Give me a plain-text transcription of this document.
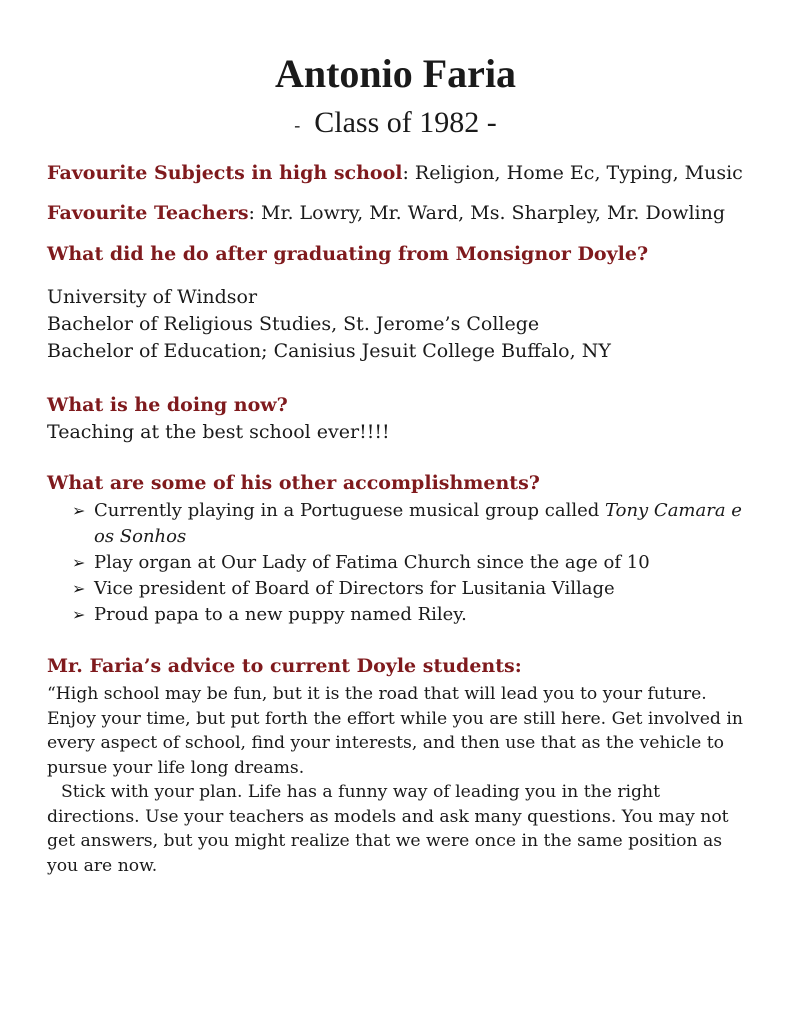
Antonio Faria
- Class of 1982 -
Favourite Subjects in high school: Religion, Home Ec, Typing, Music
Favourite Teachers: Mr. Lowry, Mr. Ward, Ms. Sharpley, Mr. Dowling
What did he do after graduating from Monsignor Doyle?
University of Windsor
Bachelor of Religious Studies, St. Jerome’s College
Bachelor of Education; Canisius Jesuit College Buffalo, NY
What is he doing now?
Teaching at the best school ever!!!!
What are some of his other accomplishments?
➢ Currently playing in a Portuguese musical group called Tony Camara e os Sonhos
➢ Play organ at Our Lady of Fatima Church since the age of 10
➢ Vice president of Board of Directors for Lusitania Village
➢ Proud papa to a new puppy named Riley.
Mr. Faria’s advice to current Doyle students:

“High school may be fun, but it is the road that will lead you to your future. Enjoy your time, but put forth the effort while you are still here. Get involved in every aspect of school, find your interests, and then use that as the vehicle to pursue your life long dreams.

Stick with your plan. Life has a funny way of leading you in the right directions. Use your teachers as models and ask many questions. You may not get answers, but you might realize that we were once in the same position as you are now.
